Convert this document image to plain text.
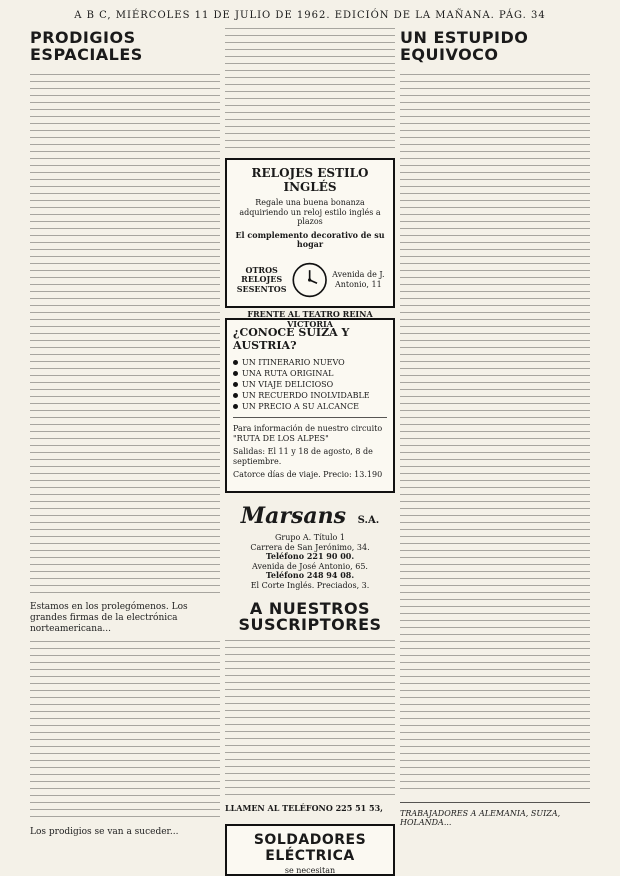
A B C, MIÉRCOLES 11 DE JULIO DE 1962. EDICIÓN DE LA MAÑANA. PÁG. 34
PRODIGIOS ESPACIALES
Estamos en los prolegómenos. Los grandes firmas de la electrónica norteamericana...
Los prodigios se van a suceder...
RELOJES ESTILO INGLÉS
Regale una buena bonanza adquiriendo un reloj estilo inglés a plazos
El complemento decorativo de su hogar
OTROS RELOJES SESENTOS
Avenida de J. Antonio, 11
FRENTE AL TEATRO REINA VICTORIA
¿CONOCE SUIZA Y AUSTRIA?
UN ITINERARIO NUEVO
UNA RUTA ORIGINAL
UN VIAJE DELICIOSO
UN RECUERDO INOLVIDABLE
UN PRECIO A SU ALCANCE
Para información de nuestro circuito "RUTA DE LOS ALPES"
Salidas: El 11 y 18 de agosto, 8 de septiembre.
Catorce días de viaje. Precio: 13.190
Marsans S.A.
Grupo A. Título 1
Carrera de San Jerónimo, 34.
Teléfono 221 90 00.
Avenida de José Antonio, 65.
Teléfono 248 94 08.
El Corte Inglés. Preciados, 3.
A NUESTROS SUSCRIPTORES
LLAMEN AL TELÉFONO 225 51 53,
SOLDADORES ELÉCTRICA
se necesitan
UN ESTUPIDO EQUIVOCO
TRABAJADORES A ALEMANIA, SUIZA, HOLANDA...
